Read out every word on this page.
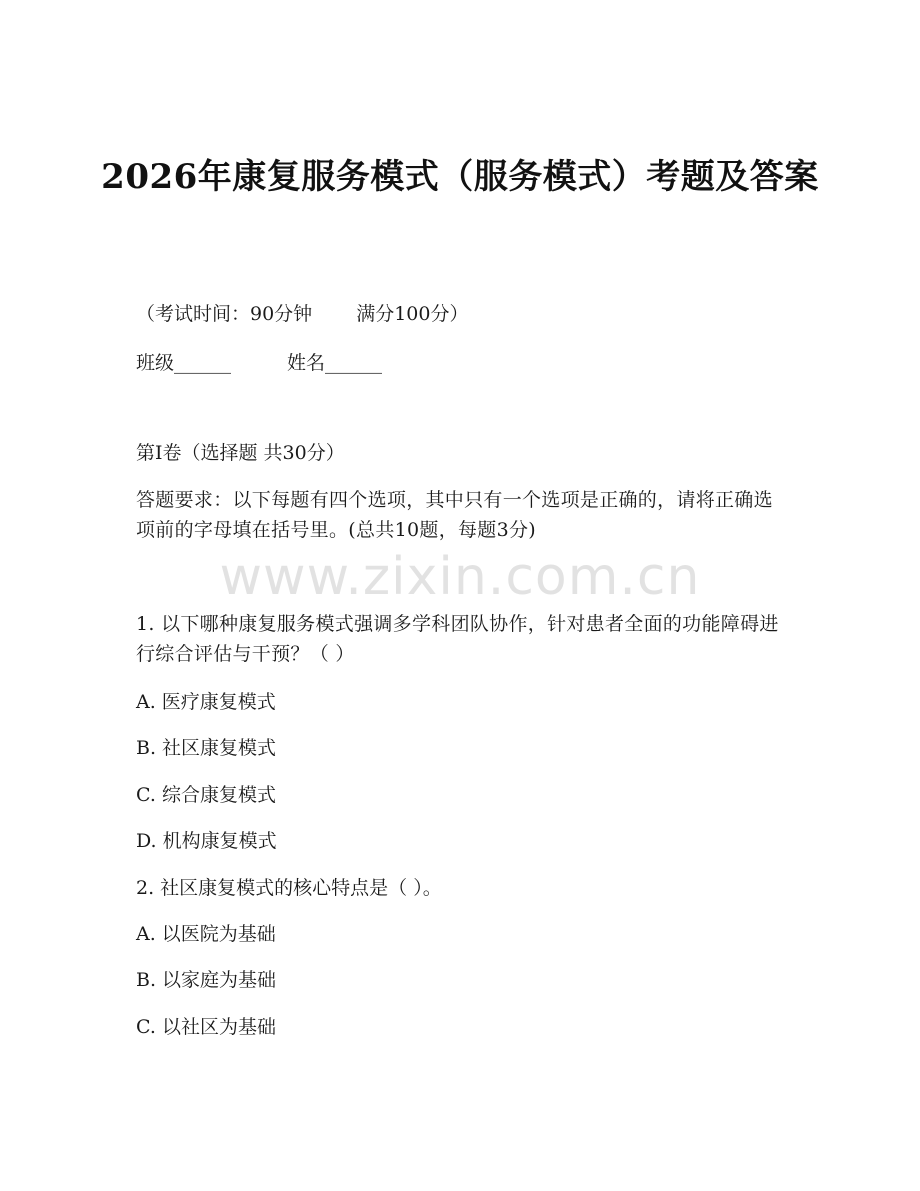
2026年康复服务模式（服务模式）考题及答案
（考试时间：90分钟 满分100分）
班级______	姓名______
第I卷（选择题 共30分）
答题要求：以下每题有四个选项，其中只有一个选项是正确的，请将正确选项前的字母填在括号里。(总共10题，每题3分)
www.zixin.com.cn
1. 以下哪种康复服务模式强调多学科团队协作，针对患者全面的功能障碍进行综合评估与干预？（ ）
A. 医疗康复模式
B. 社区康复模式
C. 综合康复模式
D. 机构康复模式
2. 社区康复模式的核心特点是（ ）。
A. 以医院为基础
B. 以家庭为基础
C. 以社区为基础
